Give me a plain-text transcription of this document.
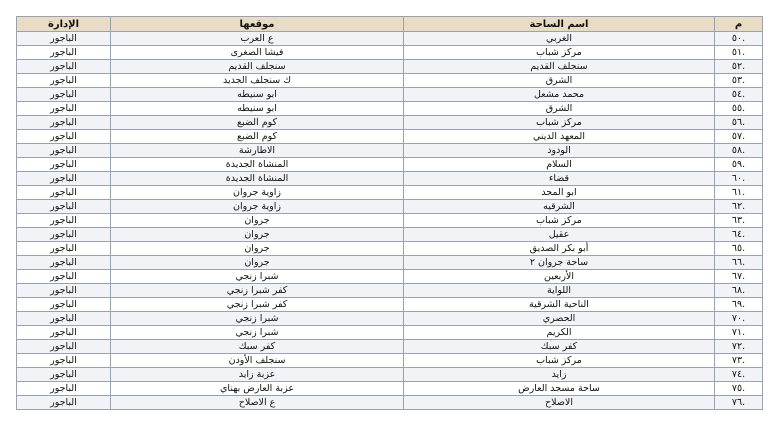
م	اسم الساحة	موقعها	الإدارة
.٥٠	الغربي	ع العرب	الباجور
.٥١	مركز شباب	فيشا الصغرى	الباجور
.٥٢	سنجلف القديم	سنجلف القديم	الباجور
.٥٣	الشرق	ك سنجلف الجديد	الباجور
.٥٤	محمد مشعل	ابو سنيطه	الباجور
.٥٥	الشرق	ابو سنيطه	الباجور
.٥٦	مركز شباب	كوم الضبع	الباجور
.٥٧	المعهد الديني	كوم الضبع	الباجور
.٥٨	الودود	الاطارشة	الباجور
.٥٩	السلام	المنشاة الجديدة	الباجور
.٦٠	قضاء	المنشاة الجديدة	الباجور
.٦١	ابو المجد	زاوية جروان	الباجور
.٦٢	الشرقيه	زاوية جروان	الباجور
.٦٣	مركز شباب	جروان	الباجور
.٦٤	عقيل	جروان	الباجور
.٦٥	أبو بكر الصديق	جروان	الباجور
.٦٦	ساحة جروان ٢	جروان	الباجور
.٦٧	الأربعين	شبرا زنجي	الباجور
.٦٨	اللواية	كفر شبرا زنجي	الباجور
.٦٩	الناحية الشرقية	كفر شبرا زنجي	الباجور
.٧٠	الحصري	شبرا زنجي	الباجور
.٧١	الكريم	شبرا زنجي	الباجور
.٧٢	كفر سبك	كفر سبك	الباجور
.٧٣	مركز شباب	سنجلف الأودن	الباجور
.٧٤	زايد	عزبة زايد	الباجور
.٧٥	ساحة مسجد العارض	عزبة العارض بهناي	الباجور
.٧٦	الاصلاح	ع الاصلاح	الباجور
